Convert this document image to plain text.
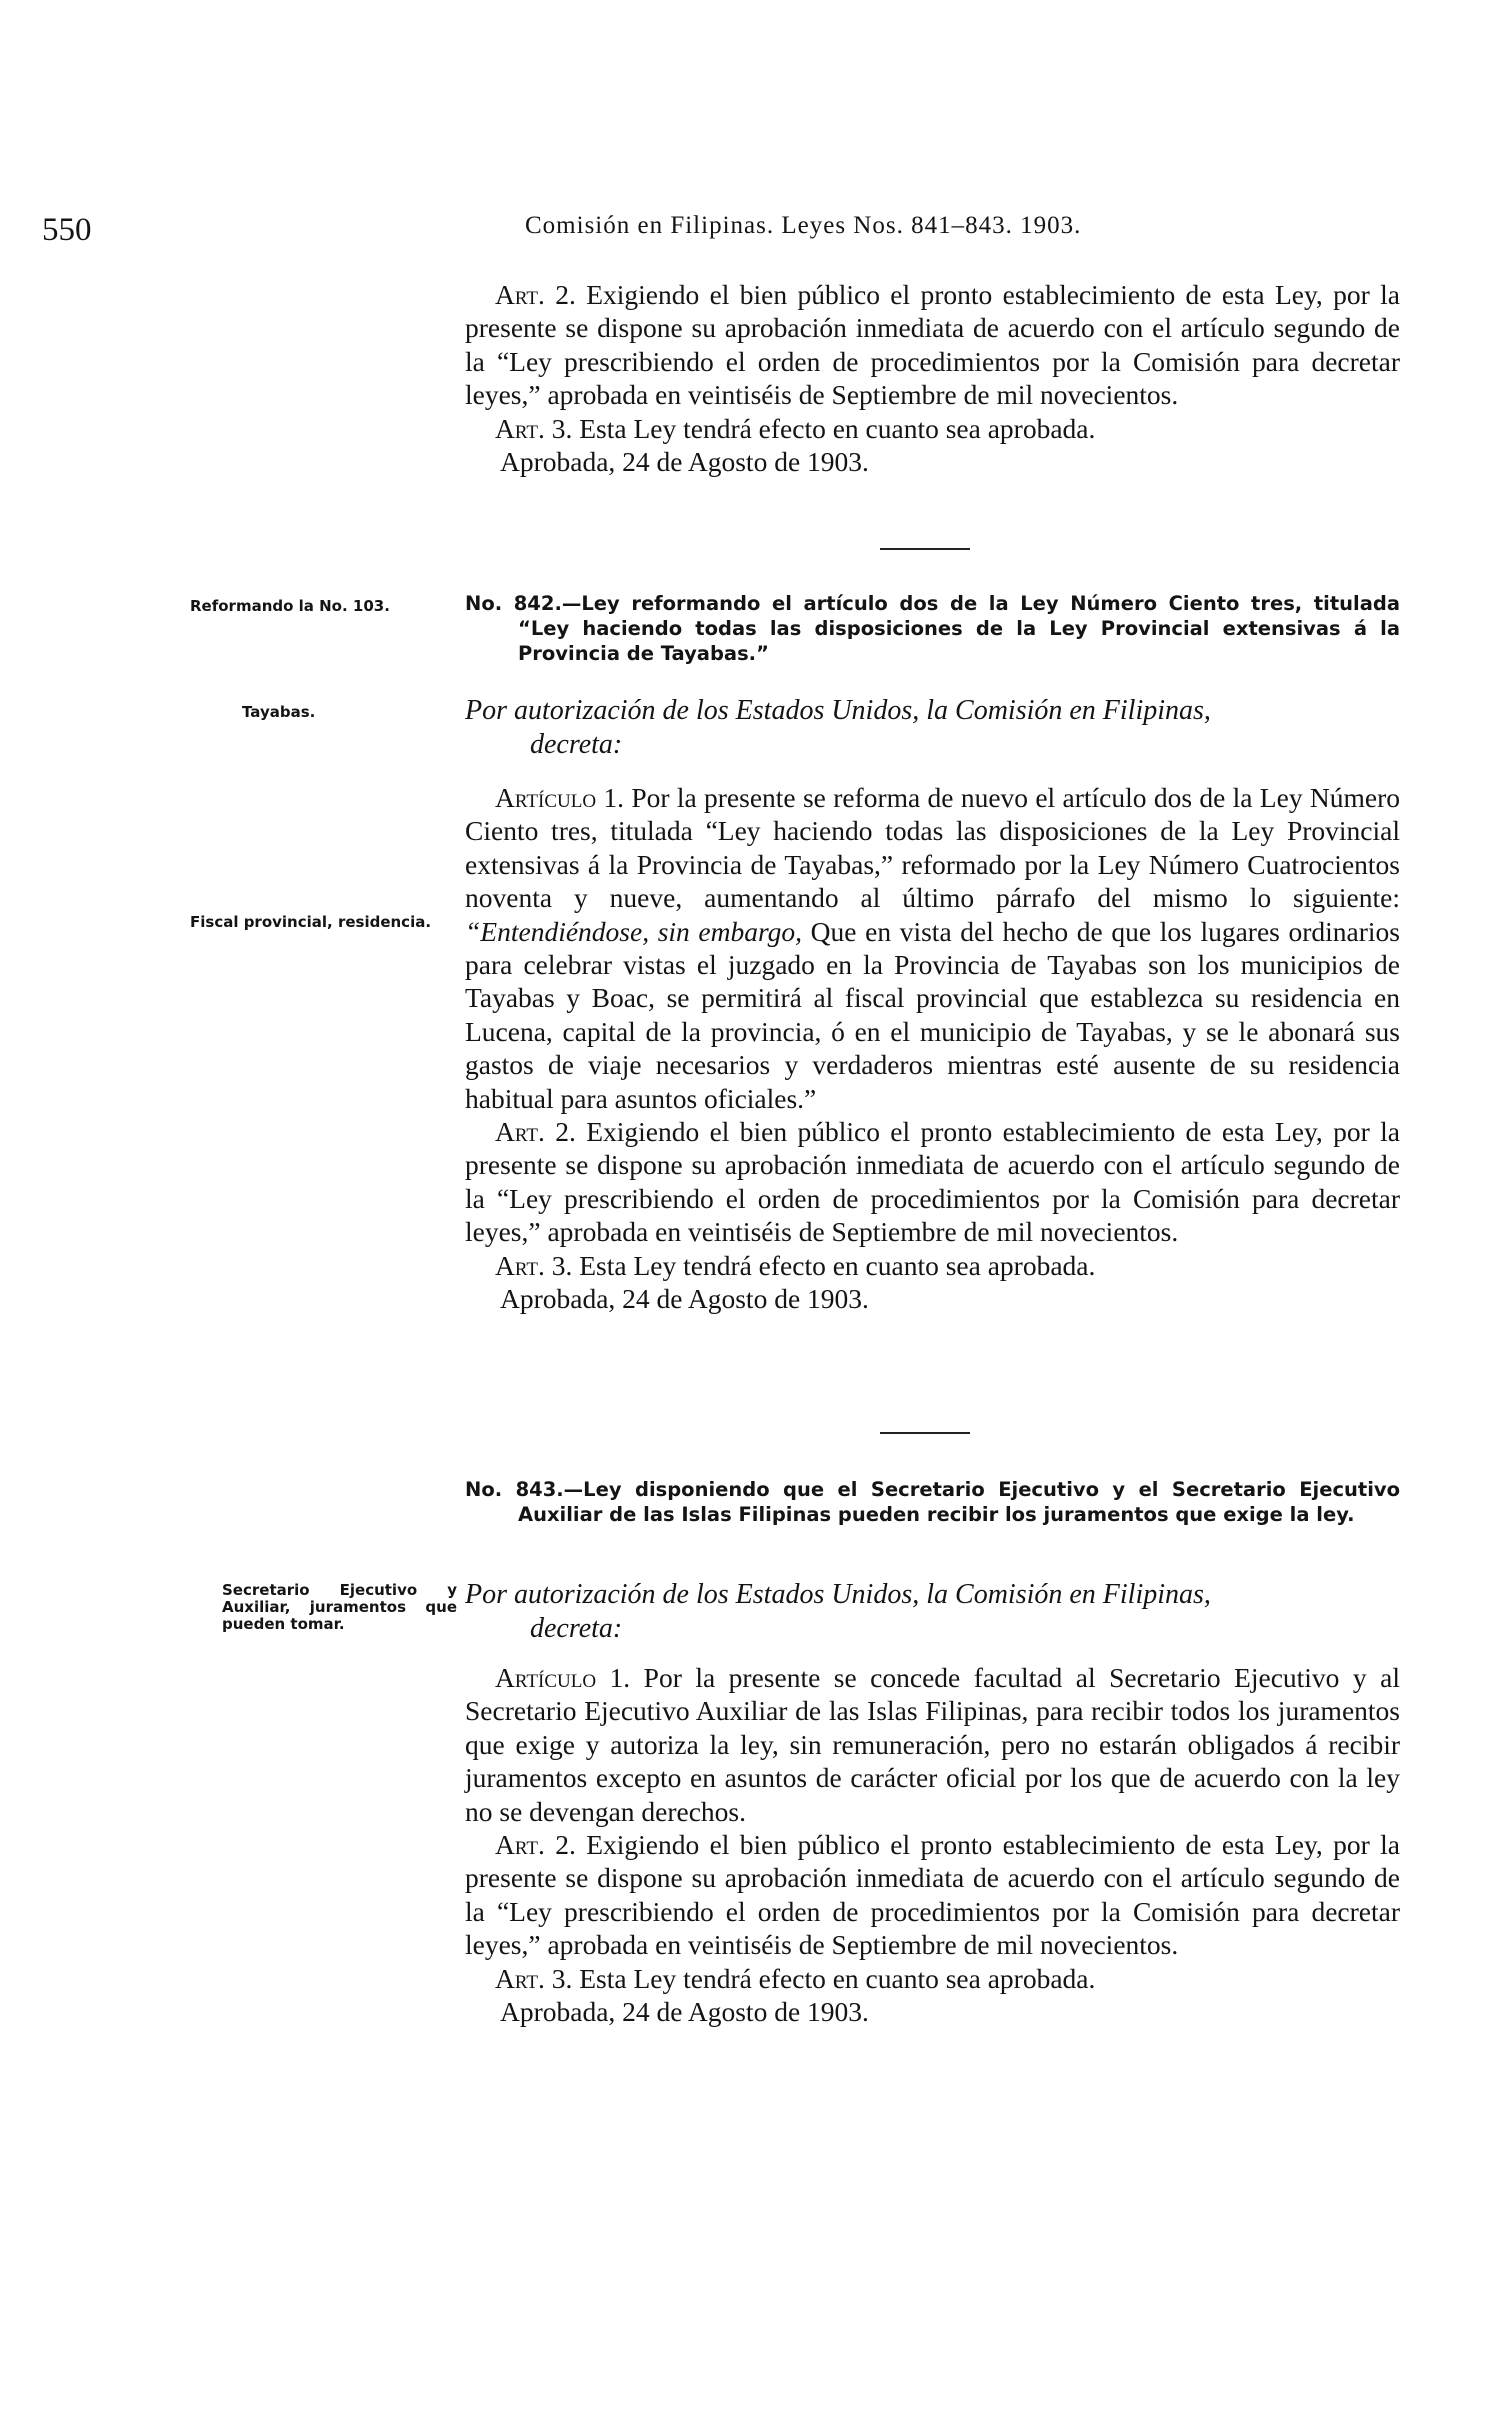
550	Comisión en Filipinas. Leyes Nos. 841–843. 1903.

Art. 2. Exigiendo el bien público el pronto establecimiento de esta Ley, por la presente se dispone su aprobación inmediata de acuerdo con el artículo segundo de la “Ley prescribiendo el orden de procedimientos por la Comisión para decretar leyes,” aprobada en veintiséis de Septiembre de mil novecientos.

Art. 3. Esta Ley tendrá efecto en cuanto sea aprobada.

Aprobada, 24 de Agosto de 1903.

Reformando la No. 103.
Tayabas.
Fiscal provincial, residencia.
No. 842.—Ley reformando el artículo dos de la Ley Número Ciento tres, titulada “Ley haciendo todas las disposiciones de la Ley Provincial extensivas á la Provincia de Tayabas.”
Por autorización de los Estados Unidos, la Comisión en Filipinas,
decreta:

Artículo 1. Por la presente se reforma de nuevo el artículo dos de la Ley Número Ciento tres, titulada “Ley haciendo todas las disposiciones de la Ley Provincial extensivas á la Provincia de Tayabas,” reformado por la Ley Número Cuatrocientos noventa y nueve, aumentando al último párrafo del mismo lo siguiente: “Entendiéndose, sin embargo, Que en vista del hecho de que los lugares ordinarios para celebrar vistas el juzgado en la Provincia de Tayabas son los municipios de Tayabas y Boac, se permitirá al fiscal provincial que establezca su residencia en Lucena, capital de la provincia, ó en el municipio de Tayabas, y se le abonará sus gastos de viaje necesarios y verdaderos mientras esté ausente de su residencia habitual para asuntos oficiales.”

Art. 2. Exigiendo el bien público el pronto establecimiento de esta Ley, por la presente se dispone su aprobación inmediata de acuerdo con el artículo segundo de la “Ley prescribiendo el orden de procedimientos por la Comisión para decretar leyes,” aprobada en veintiséis de Septiembre de mil novecientos.

Art. 3. Esta Ley tendrá efecto en cuanto sea aprobada.

Aprobada, 24 de Agosto de 1903.

No. 843.—Ley disponiendo que el Secretario Ejecutivo y el Secretario Ejecutivo Auxiliar de las Islas Filipinas pueden recibir los juramentos que exige la ley.
Secretario Ejecutivo y Auxiliar, juramentos que pueden tomar.
Por autorización de los Estados Unidos, la Comisión en Filipinas,
decreta:

Artículo 1. Por la presente se concede facultad al Secretario Ejecutivo y al Secretario Ejecutivo Auxiliar de las Islas Filipinas, para recibir todos los juramentos que exige y autoriza la ley, sin remuneración, pero no estarán obligados á recibir juramentos excepto en asuntos de carácter oficial por los que de acuerdo con la ley no se devengan derechos.

Art. 2. Exigiendo el bien público el pronto establecimiento de esta Ley, por la presente se dispone su aprobación inmediata de acuerdo con el artículo segundo de la “Ley prescribiendo el orden de procedimientos por la Comisión para decretar leyes,” aprobada en veintiséis de Septiembre de mil novecientos.

Art. 3. Esta Ley tendrá efecto en cuanto sea aprobada.

Aprobada, 24 de Agosto de 1903.
